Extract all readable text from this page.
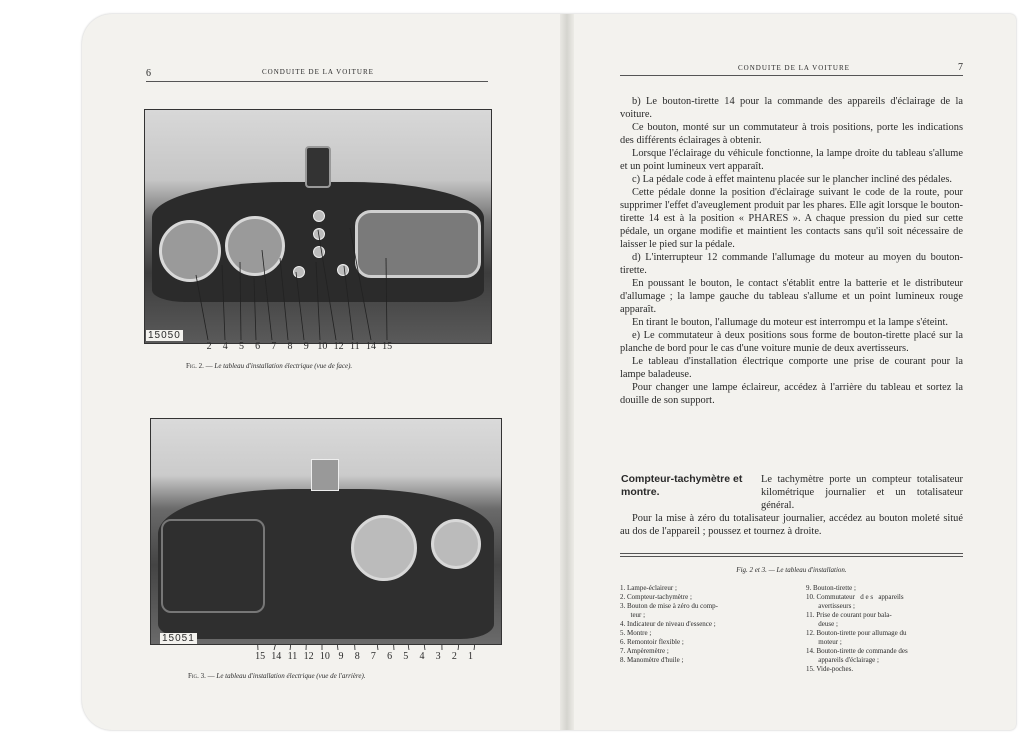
6	CONDUITE DE LA VOITURE
15050
2 4 5 6 7 8 9 10 12 11 14 15
Fig. 2. — Le tableau d'installation électrique (vue de face).
15051
15 14 11 12 10 9 8 7 6 5 4 3 2 1
Fig. 3. — Le tableau d'installation électrique (vue de l'arrière).
CONDUITE DE LA VOITURE	7

b) Le bouton-tirette 14 pour la commande des appareils d'éclairage de la voiture.

Ce bouton, monté sur un commutateur à trois positions, porte les indications des différents éclairages à obtenir.

Lorsque l'éclairage du véhicule fonctionne, la lampe droite du tableau s'allume et un point lumineux vert apparaît.

c) La pédale code à effet maintenu placée sur le plancher incliné des pédales.

Cette pédale donne la position d'éclairage suivant le code de la route, pour supprimer l'effet d'aveuglement produit par les phares. Elle agit lorsque le bouton-tirette 14 est à la position « PHARES ». A chaque pression du pied sur cette pédale, un organe modifie et maintient les contacts sans qu'il soit nécessaire de laisser le pied sur la pédale.

d) L'interrupteur 12 commande l'allumage du moteur au moyen du bouton-tirette.

En poussant le bouton, le contact s'établit entre la batterie et le distributeur d'allumage ; la lampe gauche du tableau s'allume et un point lumineux rouge apparaît.

En tirant le bouton, l'allumage du moteur est interrompu et la lampe s'éteint.

e) Le commutateur à deux positions sous forme de bouton-tirette placé sur la planche de bord pour le cas d'une voiture munie de deux avertisseurs.

Le tableau d'installation électrique comporte une prise de courant pour la lampe baladeuse.

Pour changer une lampe éclaireur, accédez à l'arrière du tableau et sortez la douille de son support.

Compteur-tachymètre et montre.
Le tachymètre porte un compteur totalisateur kilométrique journalier et un totalisateur général.

Pour la mise à zéro du totalisateur journalier, accédez au bouton moleté situé au dos de l'appareil ; poussez et tournez à droite.

Fig. 2 et 3. — Le tableau d'installation.
1. Lampe-éclaireur ;
2. Compteur-tachymètre ;
3. Bouton de mise à zéro du comp-
teur ;
4. Indicateur de niveau d'essence ;
5. Montre ;
6. Remontoir flexible ;
7. Ampèremètre ;
8. Manomètre d'huile ;
9. Bouton-tirette ;
10. Commutateur   d e s   appareils
avertisseurs ;
11. Prise de courant pour bala-
deuse ;
12. Bouton-tirette pour allumage du
moteur ;
14. Bouton-tirette de commande des
appareils d'éclairage ;
15. Vide-poches.
